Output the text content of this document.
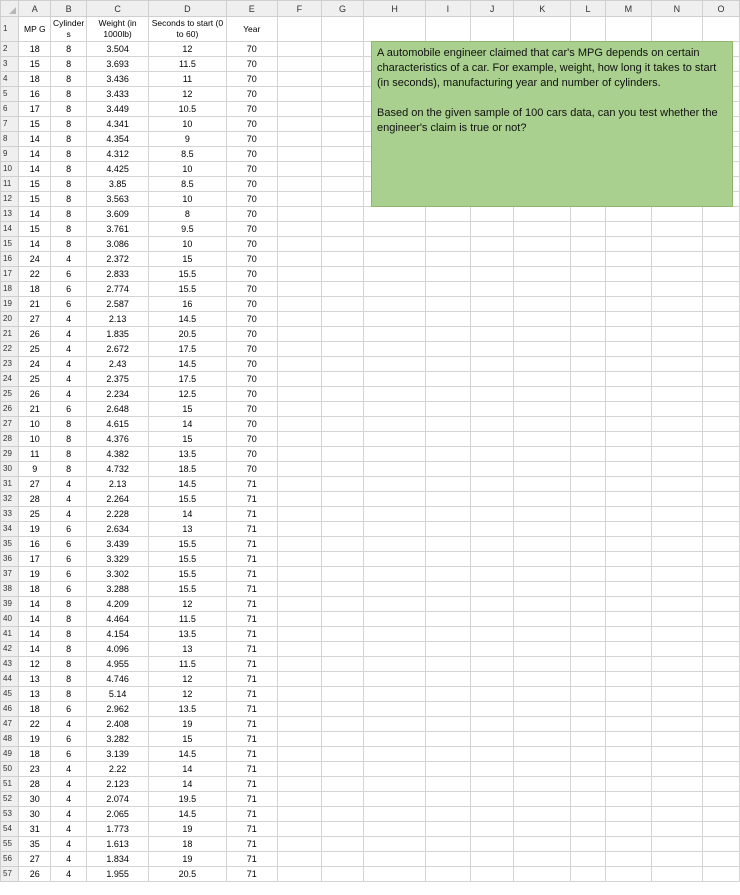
	A	B	C	D	E	F	G	H	I	J	K	L	M	N	O
1	MP G	Cylinder s	Weight (in 1000lb)	Seconds to start (0 to 60)	Year										
2	18	8	3.504	12	70										
3	15	8	3.693	11.5	70										
4	18	8	3.436	11	70										
5	16	8	3.433	12	70										
6	17	8	3.449	10.5	70										
7	15	8	4.341	10	70										
8	14	8	4.354	9	70										
9	14	8	4.312	8.5	70										
10	14	8	4.425	10	70										
11	15	8	3.85	8.5	70										
12	15	8	3.563	10	70										
13	14	8	3.609	8	70										
14	15	8	3.761	9.5	70										
15	14	8	3.086	10	70										
16	24	4	2.372	15	70										
17	22	6	2.833	15.5	70										
18	18	6	2.774	15.5	70										
19	21	6	2.587	16	70										
20	27	4	2.13	14.5	70										
21	26	4	1.835	20.5	70										
22	25	4	2.672	17.5	70										
23	24	4	2.43	14.5	70										
24	25	4	2.375	17.5	70										
25	26	4	2.234	12.5	70										
26	21	6	2.648	15	70										
27	10	8	4.615	14	70										
28	10	8	4.376	15	70										
29	11	8	4.382	13.5	70										
30	9	8	4.732	18.5	70										
31	27	4	2.13	14.5	71										
32	28	4	2.264	15.5	71										
33	25	4	2.228	14	71										
34	19	6	2.634	13	71										
35	16	6	3.439	15.5	71										
36	17	6	3.329	15.5	71										
37	19	6	3.302	15.5	71										
38	18	6	3.288	15.5	71										
39	14	8	4.209	12	71										
40	14	8	4.464	11.5	71										
41	14	8	4.154	13.5	71										
42	14	8	4.096	13	71										
43	12	8	4.955	11.5	71										
44	13	8	4.746	12	71										
45	13	8	5.14	12	71										
46	18	6	2.962	13.5	71										
47	22	4	2.408	19	71										
48	19	6	3.282	15	71										
49	18	6	3.139	14.5	71										
50	23	4	2.22	14	71										
51	28	4	2.123	14	71										
52	30	4	2.074	19.5	71										
53	30	4	2.065	14.5	71										
54	31	4	1.773	19	71										
55	35	4	1.613	18	71										
56	27	4	1.834	19	71										
57	26	4	1.955	20.5	71										

A automobile engineer claimed that car's MPG depends on certain characteristics of a car. For example, weight, how long it takes to start (in seconds), manufacturing year and number of cylinders.

Based on the given sample of 100 cars data, can you test whether the engineer's claim is true or not?
